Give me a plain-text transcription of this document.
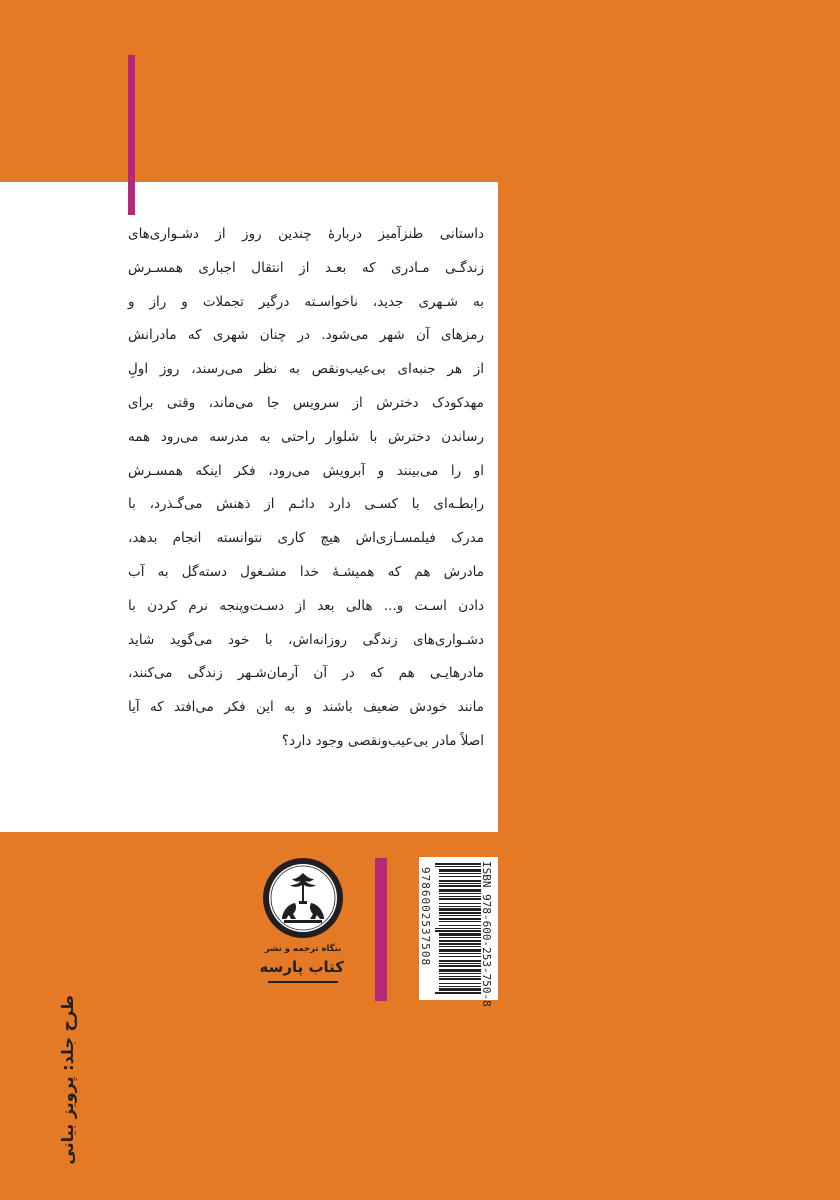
داستانی طنزآمیز دربارهٔ چندین روز از دشـواری‌های
زندگـی مـادری که بعـد از انتقال اجباری همسـرش
به شـهری جدید، ناخواسـته درگیر تجملات و راز و
رمزهای آن شهر می‌شود. در چنان شهری که مادرانش
از هر جنبه‌ای بی‌عیب‌ونقص به نظر می‌رسند، روز اولِ
مهدکودک دخترش از سرویس جا می‌ماند، وقتی برای
رساندن دخترش با شلوار راحتی به مدرسه می‌رود همه
او را می‌بینند و آبرویش می‌رود، فکر اینکه همسـرش
رابطـه‌ای با کسـی دارد دائـم از ذهنش می‌گـذرد، با
مدرک فیلمسـازی‌اش هیچ کاری نتوانسته انجام بدهد،
مادرش هم که همیشـهٔ خدا مشـغول دسته‌گل به آب
دادن اسـت و... هالی بعد از دسـت‌وپنجه نرم کردن با
دشـواری‌های زندگی روزانه‌اش، با خود می‌گوید شاید
مادرهایـی هم که در آن آرمان‌شـهر زندگی می‌کنند،
مانند خودش ضعیف باشند و به این فکر می‌افتد که آیا
اصلاً مادر بی‌عیب‌ونقصی وجود دارد؟
بنگاه ترجمه و نشر
کتاب پارسه	ISBN 978-600-253-750-8
9786002537508
طرح جلد: پرویز بیانی
